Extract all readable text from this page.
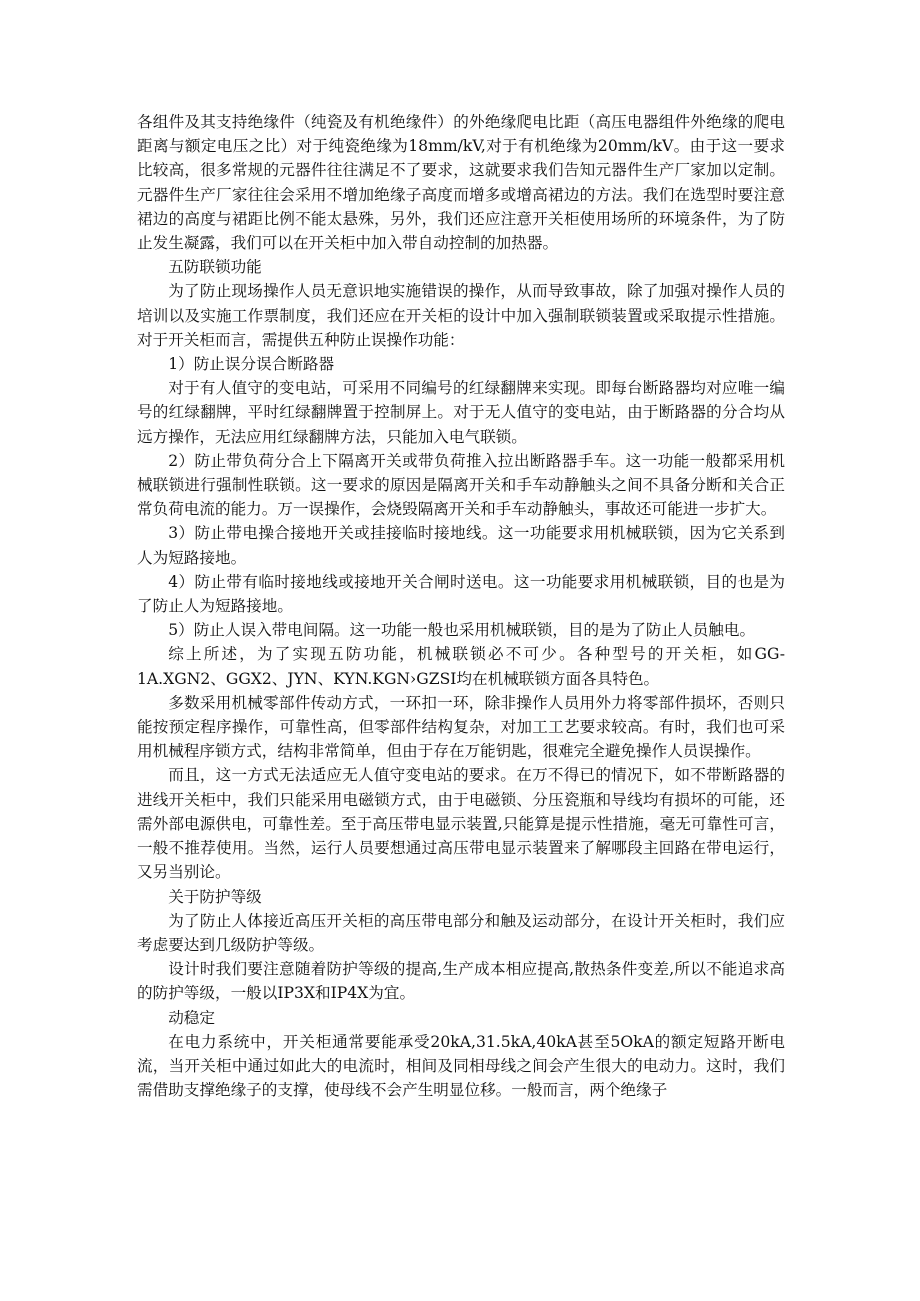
各组件及其支持绝缘件（纯瓷及有机绝缘件）的外绝缘爬电比距（高压电器组件外绝缘的爬电距离与额定电压之比）对于纯瓷绝缘为18mm∕kV,对于有机绝缘为20mm∕kV。由于这一要求比较高，很多常规的元器件往往满足不了要求，这就要求我们告知元器件生产厂家加以定制。元器件生产厂家往往会采用不增加绝缘子高度而增多或增高裙边的方法。我们在选型时要注意裙边的高度与裙距比例不能太悬殊，另外，我们还应注意开关柜使用场所的环境条件，为了防止发生凝露，我们可以在开关柜中加入带自动控制的加热器。

五防联锁功能

为了防止现场操作人员无意识地实施错误的操作，从而导致事故，除了加强对操作人员的培训以及实施工作票制度，我们还应在开关柜的设计中加入强制联锁装置或采取提示性措施。对于开关柜而言，需提供五种防止误操作功能：

1）防止误分误合断路器

对于有人值守的变电站，可采用不同编号的红绿翻牌来实现。即每台断路器均对应唯一编号的红绿翻牌，平时红绿翻牌置于控制屏上。对于无人值守的变电站，由于断路器的分合均从远方操作，无法应用红绿翻牌方法，只能加入电气联锁。

2）防止带负荷分合上下隔离开关或带负荷推入拉出断路器手车。这一功能一般都采用机械联锁进行强制性联锁。这一要求的原因是隔离开关和手车动静触头之间不具备分断和关合正常负荷电流的能力。万一误操作，会烧毁隔离开关和手车动静触头，事故还可能进一步扩大。

3）防止带电操合接地开关或挂接临时接地线。这一功能要求用机械联锁，因为它关系到人为短路接地。

4）防止带有临时接地线或接地开关合闸时送电。这一功能要求用机械联锁，目的也是为了防止人为短路接地。

5）防止人误入带电间隔。这一功能一般也采用机械联锁，目的是为了防止人员触电。

综上所述，为了实现五防功能，机械联锁必不可少。各种型号的开关柜，如GG-1A.XGN2、GGX2、JYN、KYN.KGN›GZSI均在机械联锁方面各具特色。

多数采用机械零部件传动方式，一环扣一环，除非操作人员用外力将零部件损坏，否则只能按预定程序操作，可靠性高，但零部件结构复杂，对加工工艺要求较高。有时，我们也可采用机械程序锁方式，结构非常简单，但由于存在万能钥匙，很难完全避免操作人员误操作。

而且，这一方式无法适应无人值守变电站的要求。在万不得已的情况下，如不带断路器的进线开关柜中，我们只能采用电磁锁方式，由于电磁锁、分压瓷瓶和导线均有损坏的可能，还需外部电源供电，可靠性差。至于高压带电显示装置,只能算是提示性措施，毫无可靠性可言，一般不推荐使用。当然，运行人员要想通过高压带电显示装置来了解哪段主回路在带电运行，又另当别论。

关于防护等级

为了防止人体接近高压开关柜的高压带电部分和触及运动部分，在设计开关柜时，我们应考虑要达到几级防护等级。

设计时我们要注意随着防护等级的提高,生产成本相应提高,散热条件变差,所以不能追求高的防护等级，一般以IP3X和IP4X为宜。

动稳定

在电力系统中，开关柜通常要能承受20kA,31.5kA,40kA甚至5OkA的额定短路开断电流，当开关柜中通过如此大的电流时，相间及同相母线之间会产生很大的电动力。这时，我们需借助支撑绝缘子的支撑，使母线不会产生明显位移。一般而言，两个绝缘子
